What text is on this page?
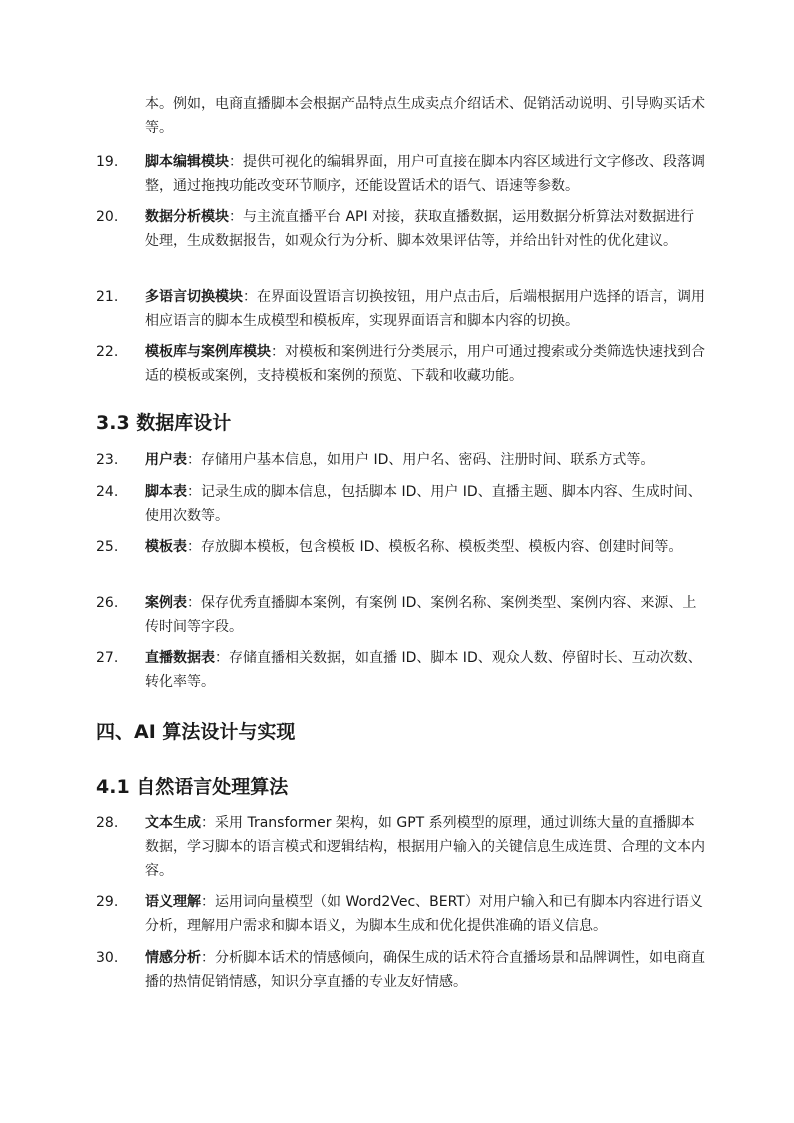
本。例如，电商直播脚本会根据产品特点生成卖点介绍话术、促销活动说明、引导购买话术等。
19.	脚本编辑模块：提供可视化的编辑界面，用户可直接在脚本内容区域进行文字修改、段落调整，通过拖拽功能改变环节顺序，还能设置话术的语气、语速等参数。
20.	数据分析模块：与主流直播平台 API 对接，获取直播数据，运用数据分析算法对数据进行处理，生成数据报告，如观众行为分析、脚本效果评估等，并给出针对性的优化建议。
21.	多语言切换模块：在界面设置语言切换按钮，用户点击后，后端根据用户选择的语言，调用相应语言的脚本生成模型和模板库，实现界面语言和脚本内容的切换。
22.	模板库与案例库模块：对模板和案例进行分类展示，用户可通过搜索或分类筛选快速找到合适的模板或案例，支持模板和案例的预览、下载和收藏功能。
3.3 数据库设计
23.	用户表：存储用户基本信息，如用户 ID、用户名、密码、注册时间、联系方式等。
24.	脚本表：记录生成的脚本信息，包括脚本 ID、用户 ID、直播主题、脚本内容、生成时间、使用次数等。
25.	模板表：存放脚本模板，包含模板 ID、模板名称、模板类型、模板内容、创建时间等。
26.	案例表：保存优秀直播脚本案例，有案例 ID、案例名称、案例类型、案例内容、来源、上传时间等字段。
27.	直播数据表：存储直播相关数据，如直播 ID、脚本 ID、观众人数、停留时长、互动次数、转化率等。
四、AI 算法设计与实现
4.1 自然语言处理算法
28.	文本生成：采用 Transformer 架构，如 GPT 系列模型的原理，通过训练大量的直播脚本数据，学习脚本的语言模式和逻辑结构，根据用户输入的关键信息生成连贯、合理的文本内容。
29.	语义理解：运用词向量模型（如 Word2Vec、BERT）对用户输入和已有脚本内容进行语义分析，理解用户需求和脚本语义，为脚本生成和优化提供准确的语义信息。
30.	情感分析：分析脚本话术的情感倾向，确保生成的话术符合直播场景和品牌调性，如电商直播的热情促销情感，知识分享直播的专业友好情感。
